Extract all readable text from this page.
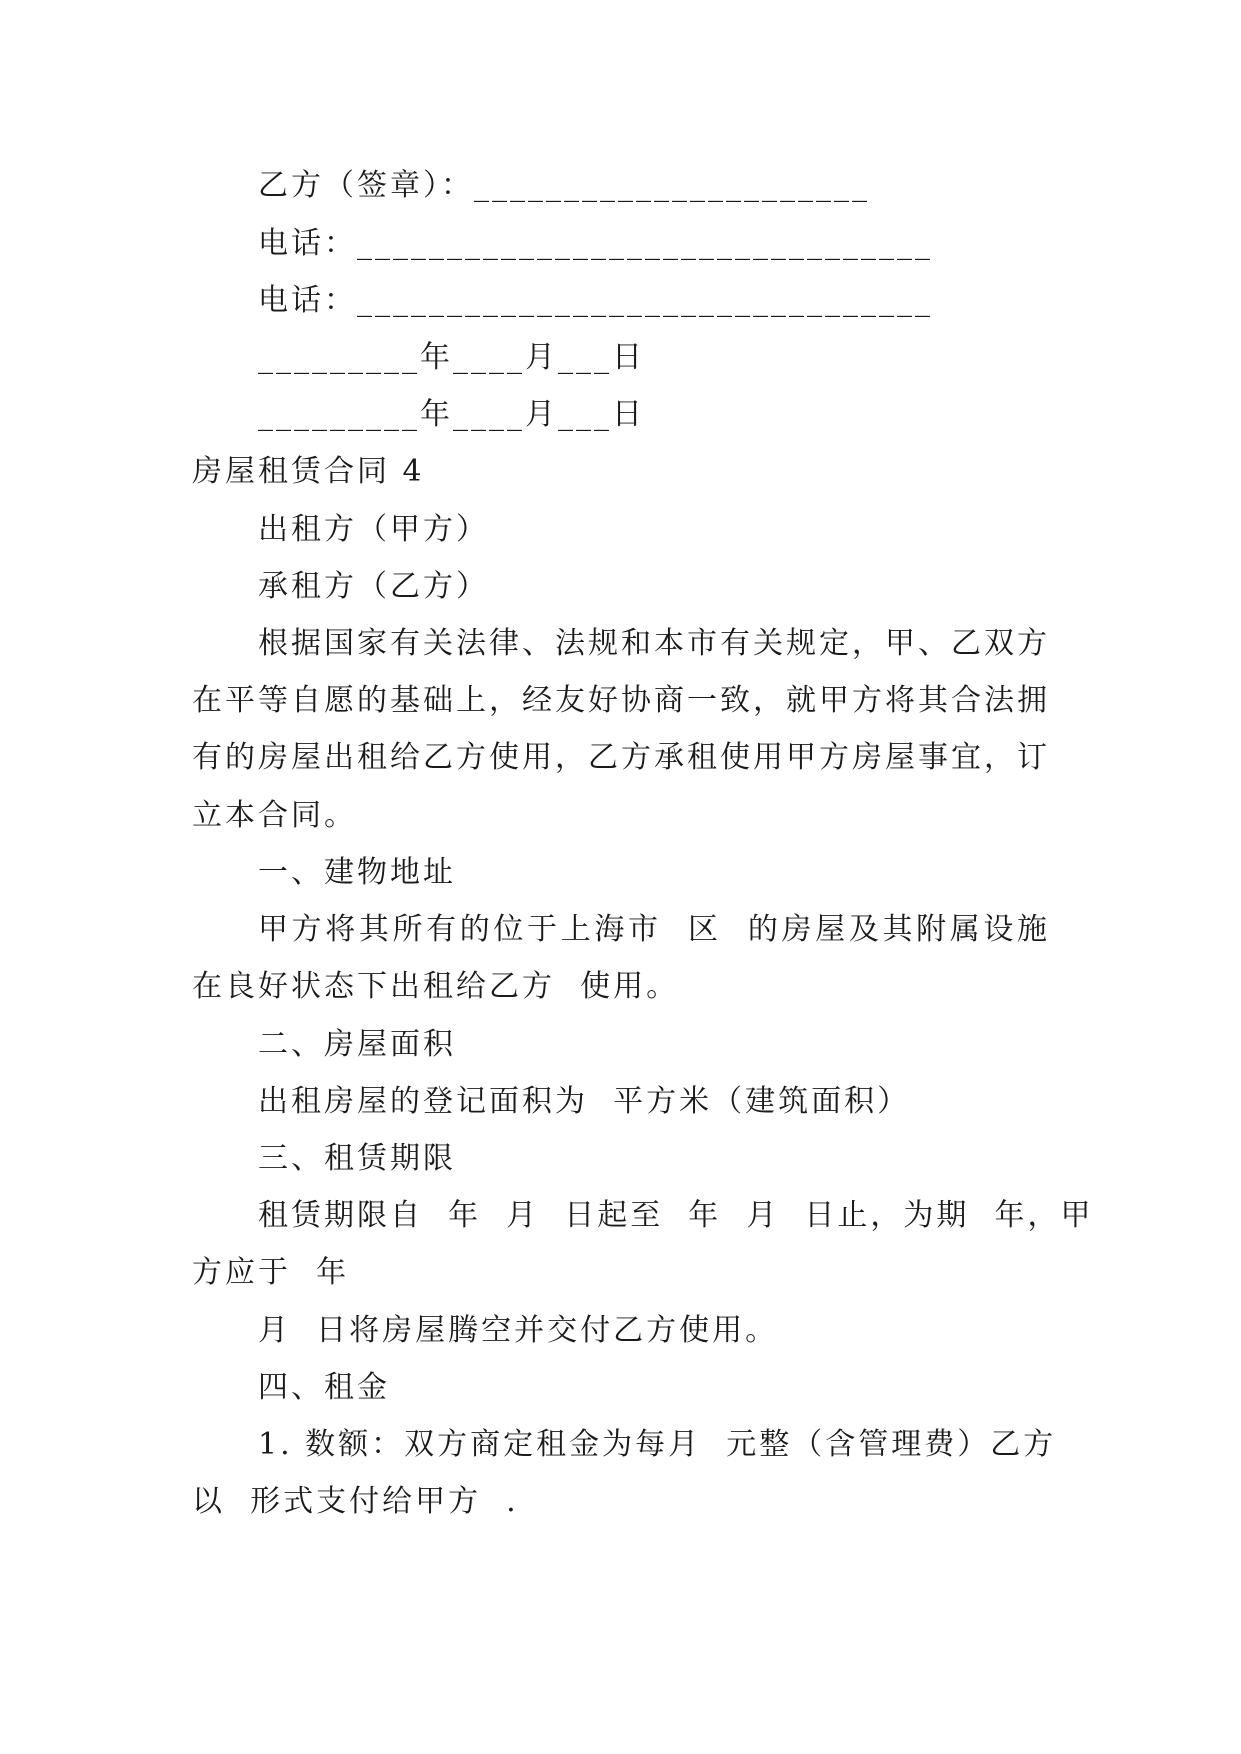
乙方（签章）：______________________
电话：________________________________
电话：________________________________
_________年____月___日
_________年____月___日
房屋租赁合同 4
出租方（甲方）
承租方（乙方）
根据国家有关法律、法规和本市有关规定，甲、乙双方
在平等自愿的基础上，经友好协商一致，就甲方将其合法拥
有的房屋出租给乙方使用，乙方承租使用甲方房屋事宜，订
立本合同。
一、建物地址
甲方将其所有的位于上海市  区  的房屋及其附属设施
在良好状态下出租给乙方  使用。
二、房屋面积
出租房屋的登记面积为  平方米（建筑面积）
三、租赁期限
租赁期限自  年  月  日起至  年  月  日止，为期  年，甲
方应于  年
月  日将房屋腾空并交付乙方使用。
四、租金
1. 数额：双方商定租金为每月  元整（含管理费）乙方
以  形式支付给甲方  .
